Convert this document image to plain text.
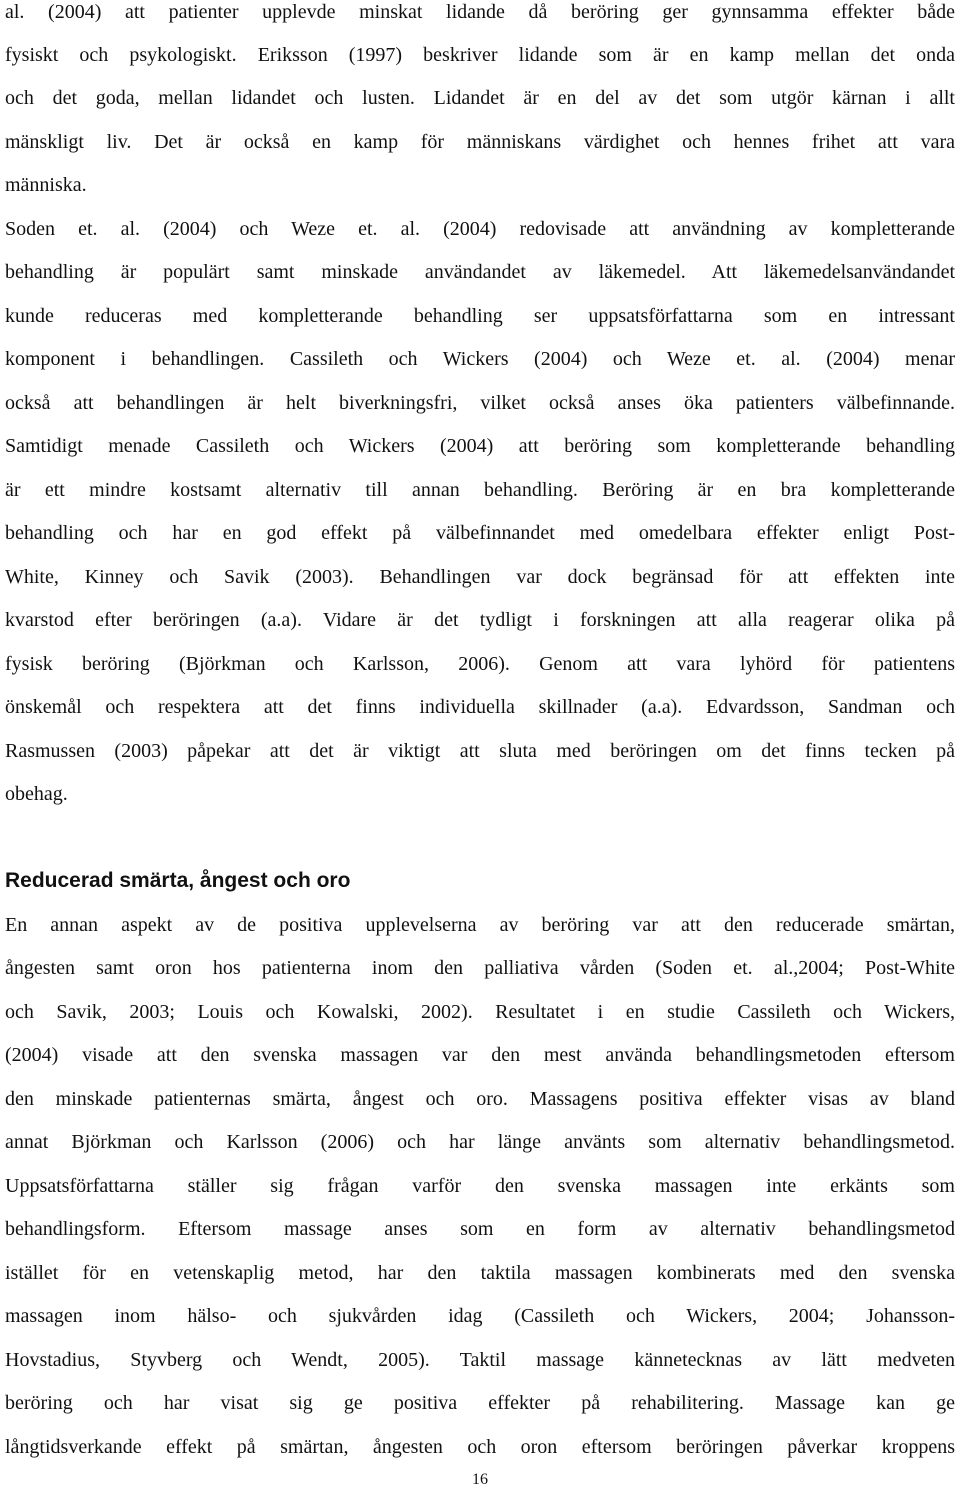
al. (2004) att patienter upplevde minskat lidande då beröring ger gynnsamma effekter både
fysiskt och psykologiskt. Eriksson (1997) beskriver lidande som är en kamp mellan det onda
och det goda, mellan lidandet och lusten. Lidandet är en del av det som utgör kärnan i allt
mänskligt liv. Det är också en kamp för människans värdighet och hennes frihet att vara
människa.
Soden et. al. (2004) och Weze et. al. (2004) redovisade att användning av kompletterande
behandling är populärt samt minskade användandet av läkemedel. Att läkemedelsanvändandet
kunde reduceras med kompletterande behandling ser uppsatsförfattarna som en intressant
komponent i behandlingen. Cassileth och Wickers (2004) och Weze et. al. (2004) menar
också att behandlingen är helt biverkningsfri, vilket också anses öka patienters välbefinnande.
Samtidigt menade Cassileth och Wickers (2004) att beröring som kompletterande behandling
är ett mindre kostsamt alternativ till annan behandling. Beröring är en bra kompletterande
behandling och har en god effekt på välbefinnandet med omedelbara effekter enligt Post-
White, Kinney och Savik (2003). Behandlingen var dock begränsad för att effekten inte
kvarstod efter beröringen (a.a). Vidare är det tydligt i forskningen att alla reagerar olika på
fysisk beröring (Björkman och Karlsson, 2006). Genom att vara lyhörd för patientens
önskemål och respektera att det finns individuella skillnader (a.a). Edvardsson, Sandman och
Rasmussen (2003) påpekar att det är viktigt att sluta med beröringen om det finns tecken på
obehag.
Reducerad smärta, ångest och oro
En annan aspekt av de positiva upplevelserna av beröring var att den reducerade smärtan,
ångesten samt oron hos patienterna inom den palliativa vården (Soden et. al.,2004; Post-White
och Savik, 2003; Louis och Kowalski, 2002). Resultatet i en studie Cassileth och Wickers,
(2004) visade att den svenska massagen var den mest använda behandlingsmetoden eftersom
den minskade patienternas smärta, ångest och oro. Massagens positiva effekter visas av bland
annat Björkman och Karlsson (2006) och har länge använts som alternativ behandlingsmetod.
Uppsatsförfattarna ställer sig frågan varför den svenska massagen inte erkänts som
behandlingsform. Eftersom massage anses som en form av alternativ behandlingsmetod
istället för en vetenskaplig metod, har den taktila massagen kombinerats med den svenska
massagen inom hälso- och sjukvården idag (Cassileth och Wickers, 2004; Johansson-
Hovstadius, Styvberg och Wendt, 2005). Taktil massage kännetecknas av lätt medveten
beröring och har visat sig ge positiva effekter på rehabilitering. Massage kan ge
långtidsverkande effekt på smärtan, ångesten och oron eftersom beröringen påverkar kroppens
16
